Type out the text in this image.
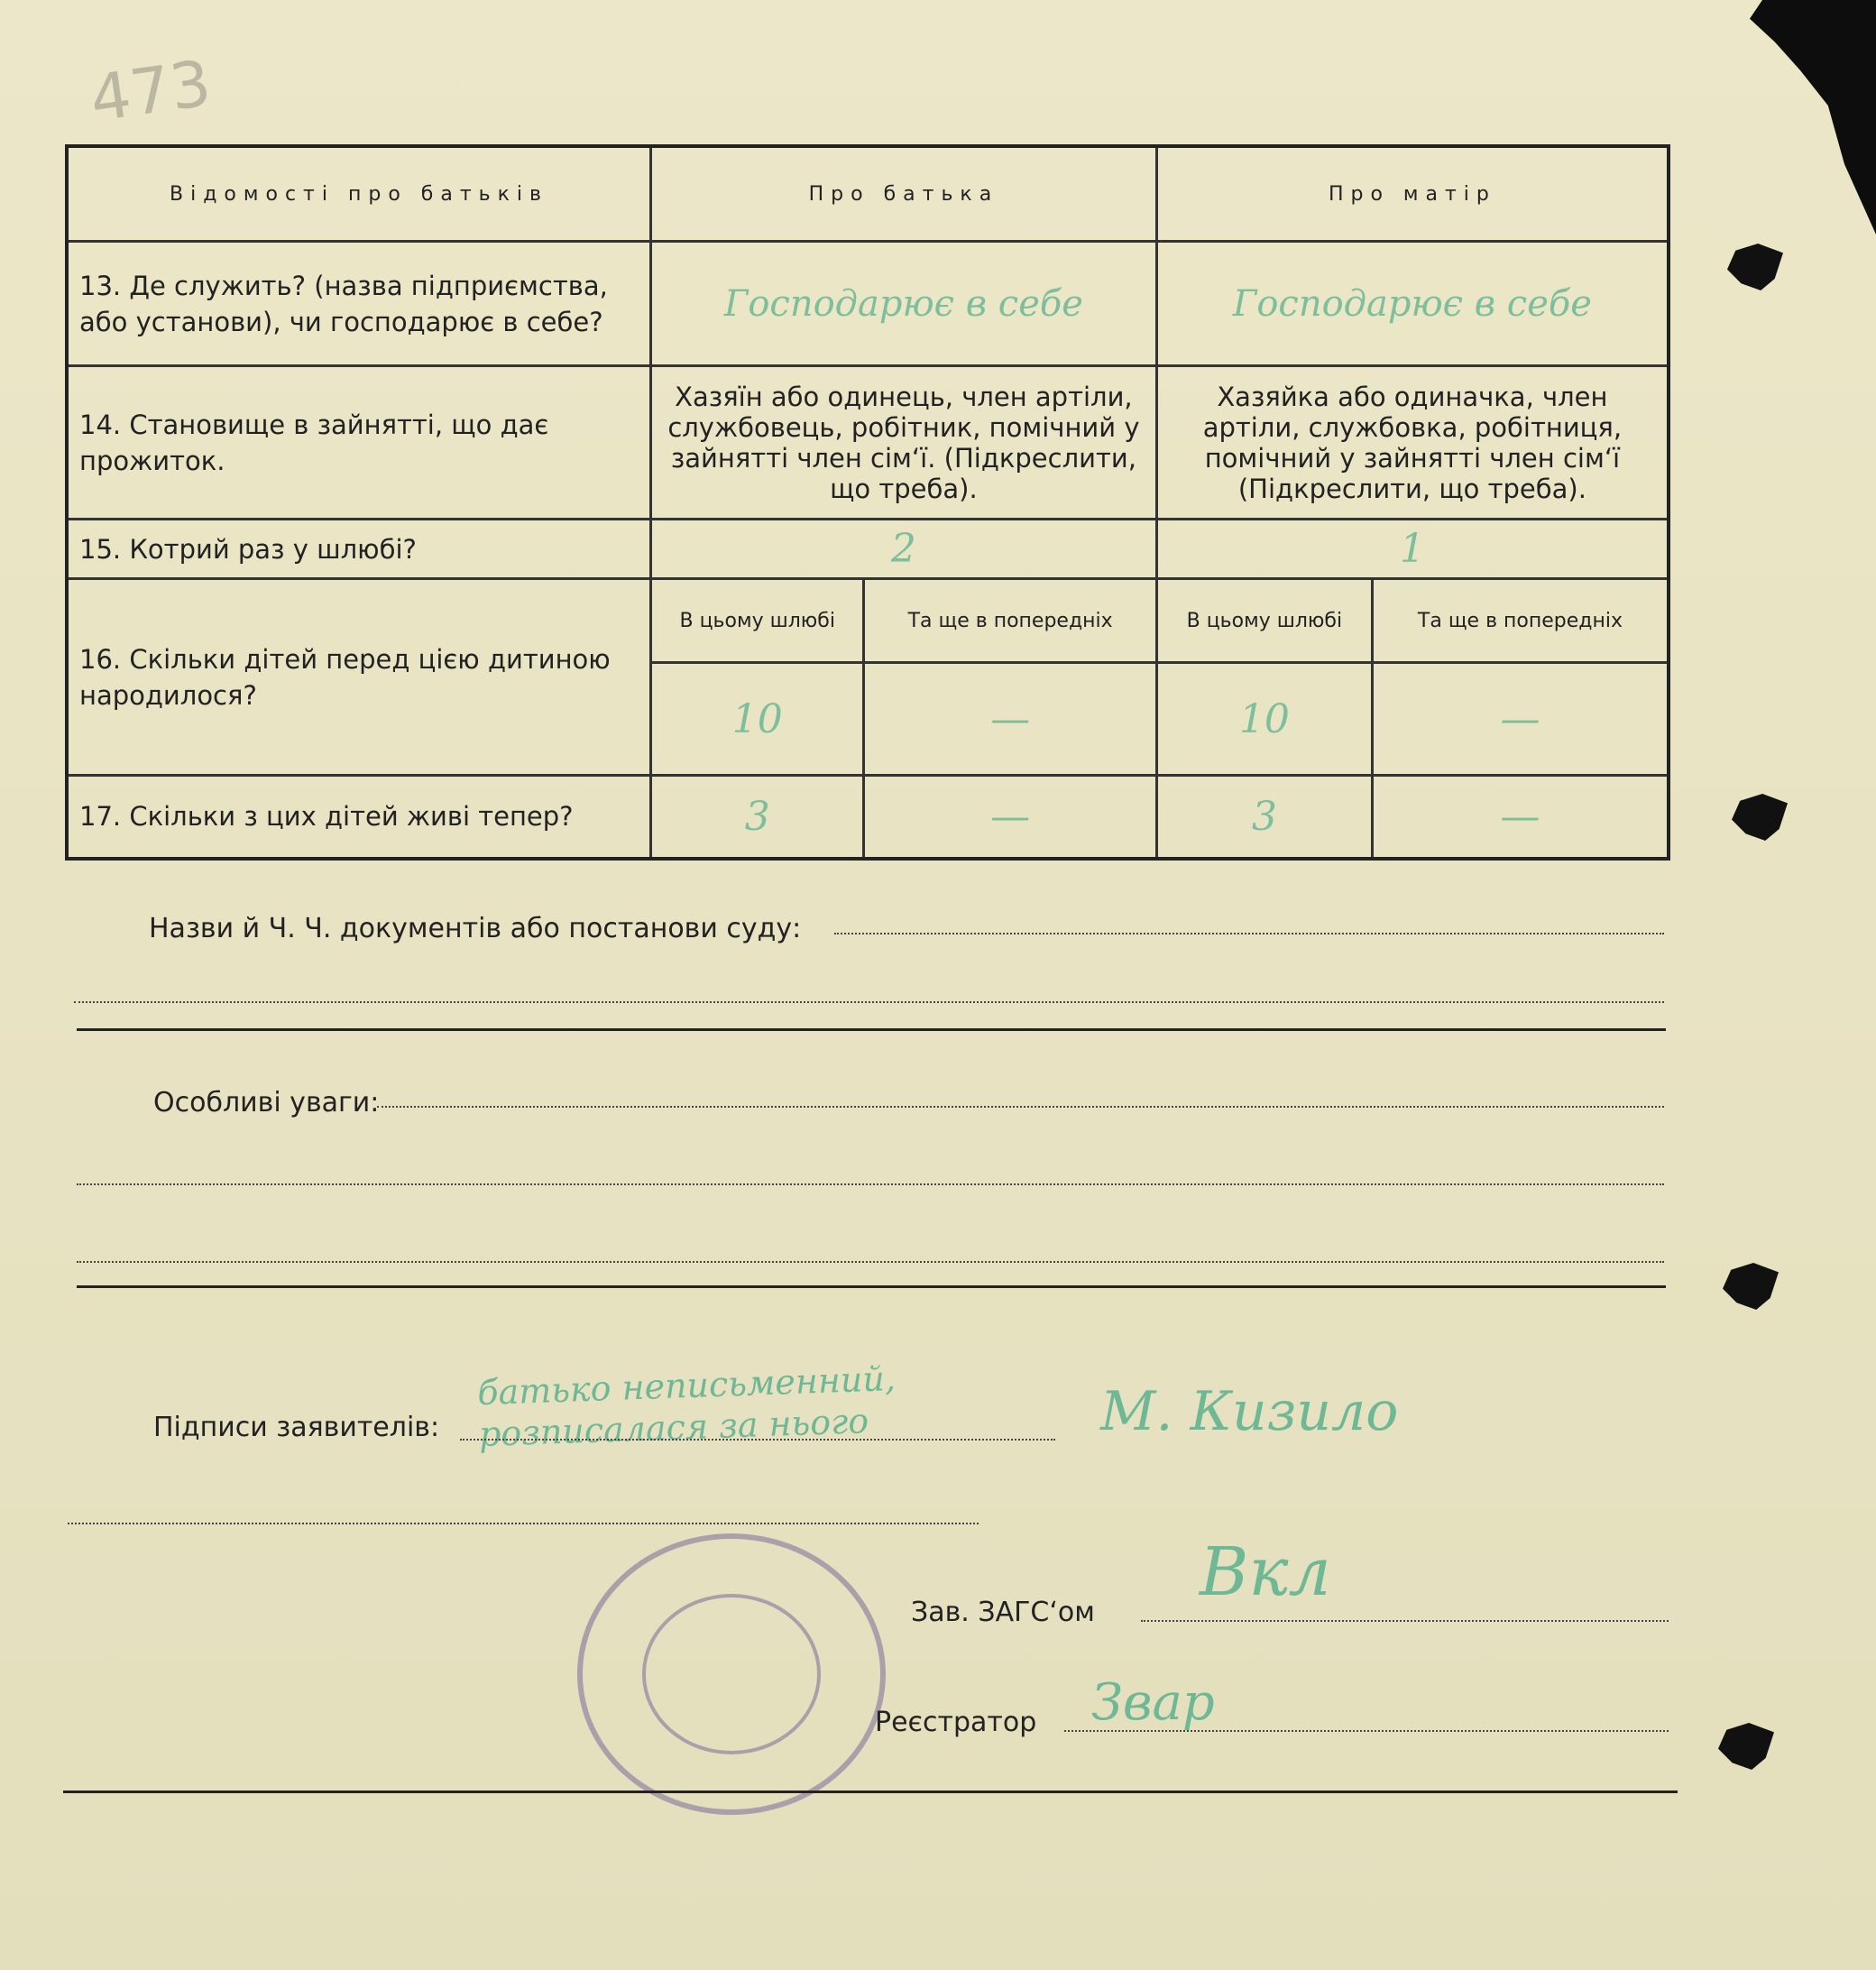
473
Відомості про батьків	Про батька		Про матір	
13. Де служить? (назва підприємства, або установи), чи господарює в себе?	Господарює в себе		Господарює в себе	
14. Становище в зайнятті, що дає прожиток.	Хазяїн або одинець, член артіли, службовець, робітник, помічний у зайнятті член сім‘ї. (Підкреслити, що треба).		Хазяйка або одиначка, член артіли, службовка, робітниця, помічний у зайнятті член сім‘ї (Підкреслити, що треба).	
15. Котрий раз у шлюбі?	2		1	
16. Скільки дітей перед цією дитиною народилося?	В цьому шлюбі	Та ще в попередніх	В цьому шлюбі	Та ще в попередніх
	10	—	10	—
17. Скільки з цих дітей живі тепер?	3	—	3	—
Назви й Ч. Ч. документів або постанови суду:
Особливі уваги:
Підписи заявителів:
батько неписьменний, розписалася за нього	М. Кизило
Зав. ЗАГС‘ом
Вкл
Реєстратор Звар
